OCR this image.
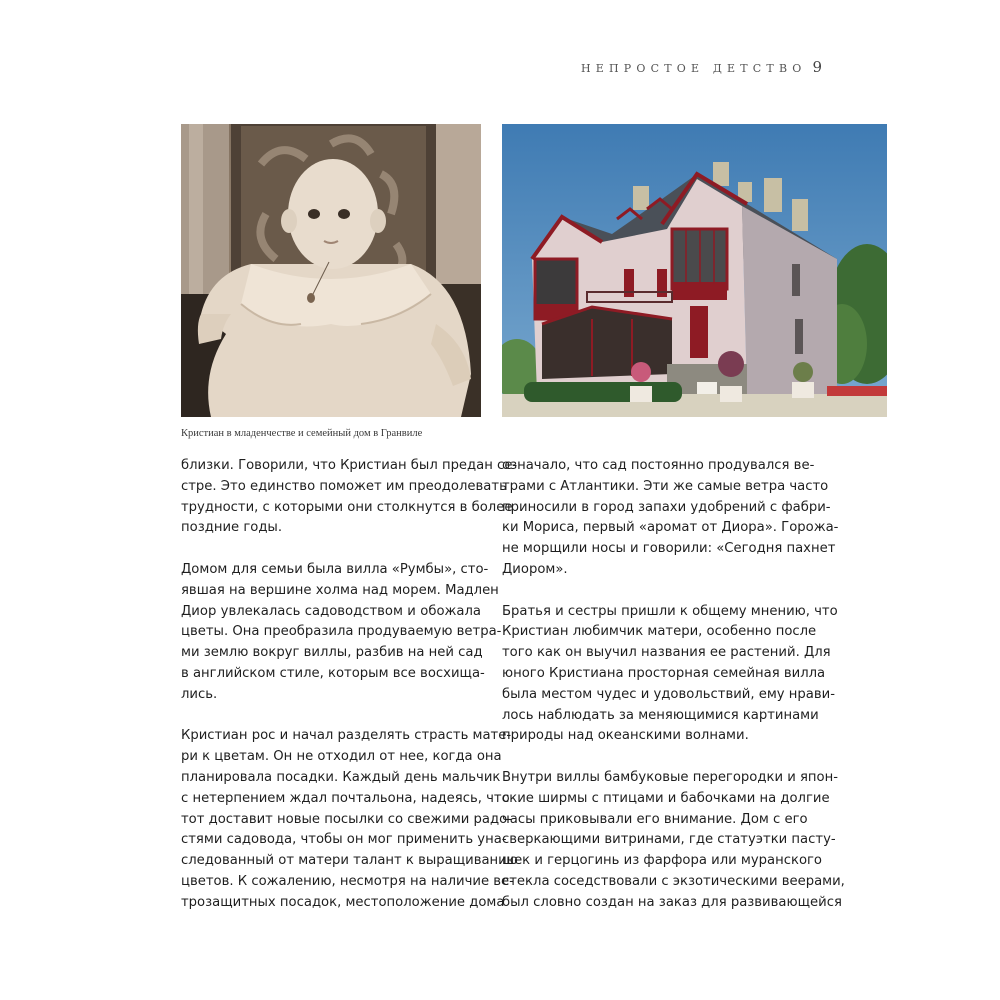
НЕПРОСТОЕ ДЕТСТВО 9
Кристиан в младенчестве и семейный дом в Гранвиле
близки. Говорили, что Кристиан был предан се-
стре. Это единство поможет им преодолевать
трудности, с которыми они столкнутся в более
поздние годы.
Домом для семьи была вилла «Румбы», сто-
явшая на вершине холма над морем. Мадлен
Диор увлекалась садоводством и обожала
цветы. Она преобразила продуваемую ветра-
ми землю вокруг виллы, разбив на ней сад
в английском стиле, которым все восхища-
лись.
Кристиан рос и начал разделять страсть мате-
ри к цветам. Он не отходил от нее, когда она
планировала посадки. Каждый день мальчик
с нетерпением ждал почтальона, надеясь, что
тот доставит новые посылки со свежими радо-
стями садовода, чтобы он мог применить уна-
следованный от матери талант к выращиванию
цветов. К сожалению, несмотря на наличие ве-
трозащитных посадок, местоположение дома
означало, что сад постоянно продувался ве-
трами с Атлантики. Эти же самые ветра часто
приносили в город запахи удобрений с фабри-
ки Мориса, первый «аромат от Диора». Горожа-
не морщили носы и говорили: «Сегодня пахнет
Диором».
Братья и сестры пришли к общему мнению, что
Кристиан любимчик матери, особенно после
того как он выучил названия ее растений. Для
юного Кристиана просторная семейная вилла
была местом чудес и удовольствий, ему нрави-
лось наблюдать за меняющимися картинами
природы над океанскими волнами.
Внутри виллы бамбуковые перегородки и япон-
ские ширмы с птицами и бабочками на долгие
часы приковывали его внимание. Дом с его
сверкающими витринами, где статуэтки пасту-
шек и герцогинь из фарфора или муранского
стекла соседствовали с экзотическими веерами,
был словно создан на заказ для развивающейся
